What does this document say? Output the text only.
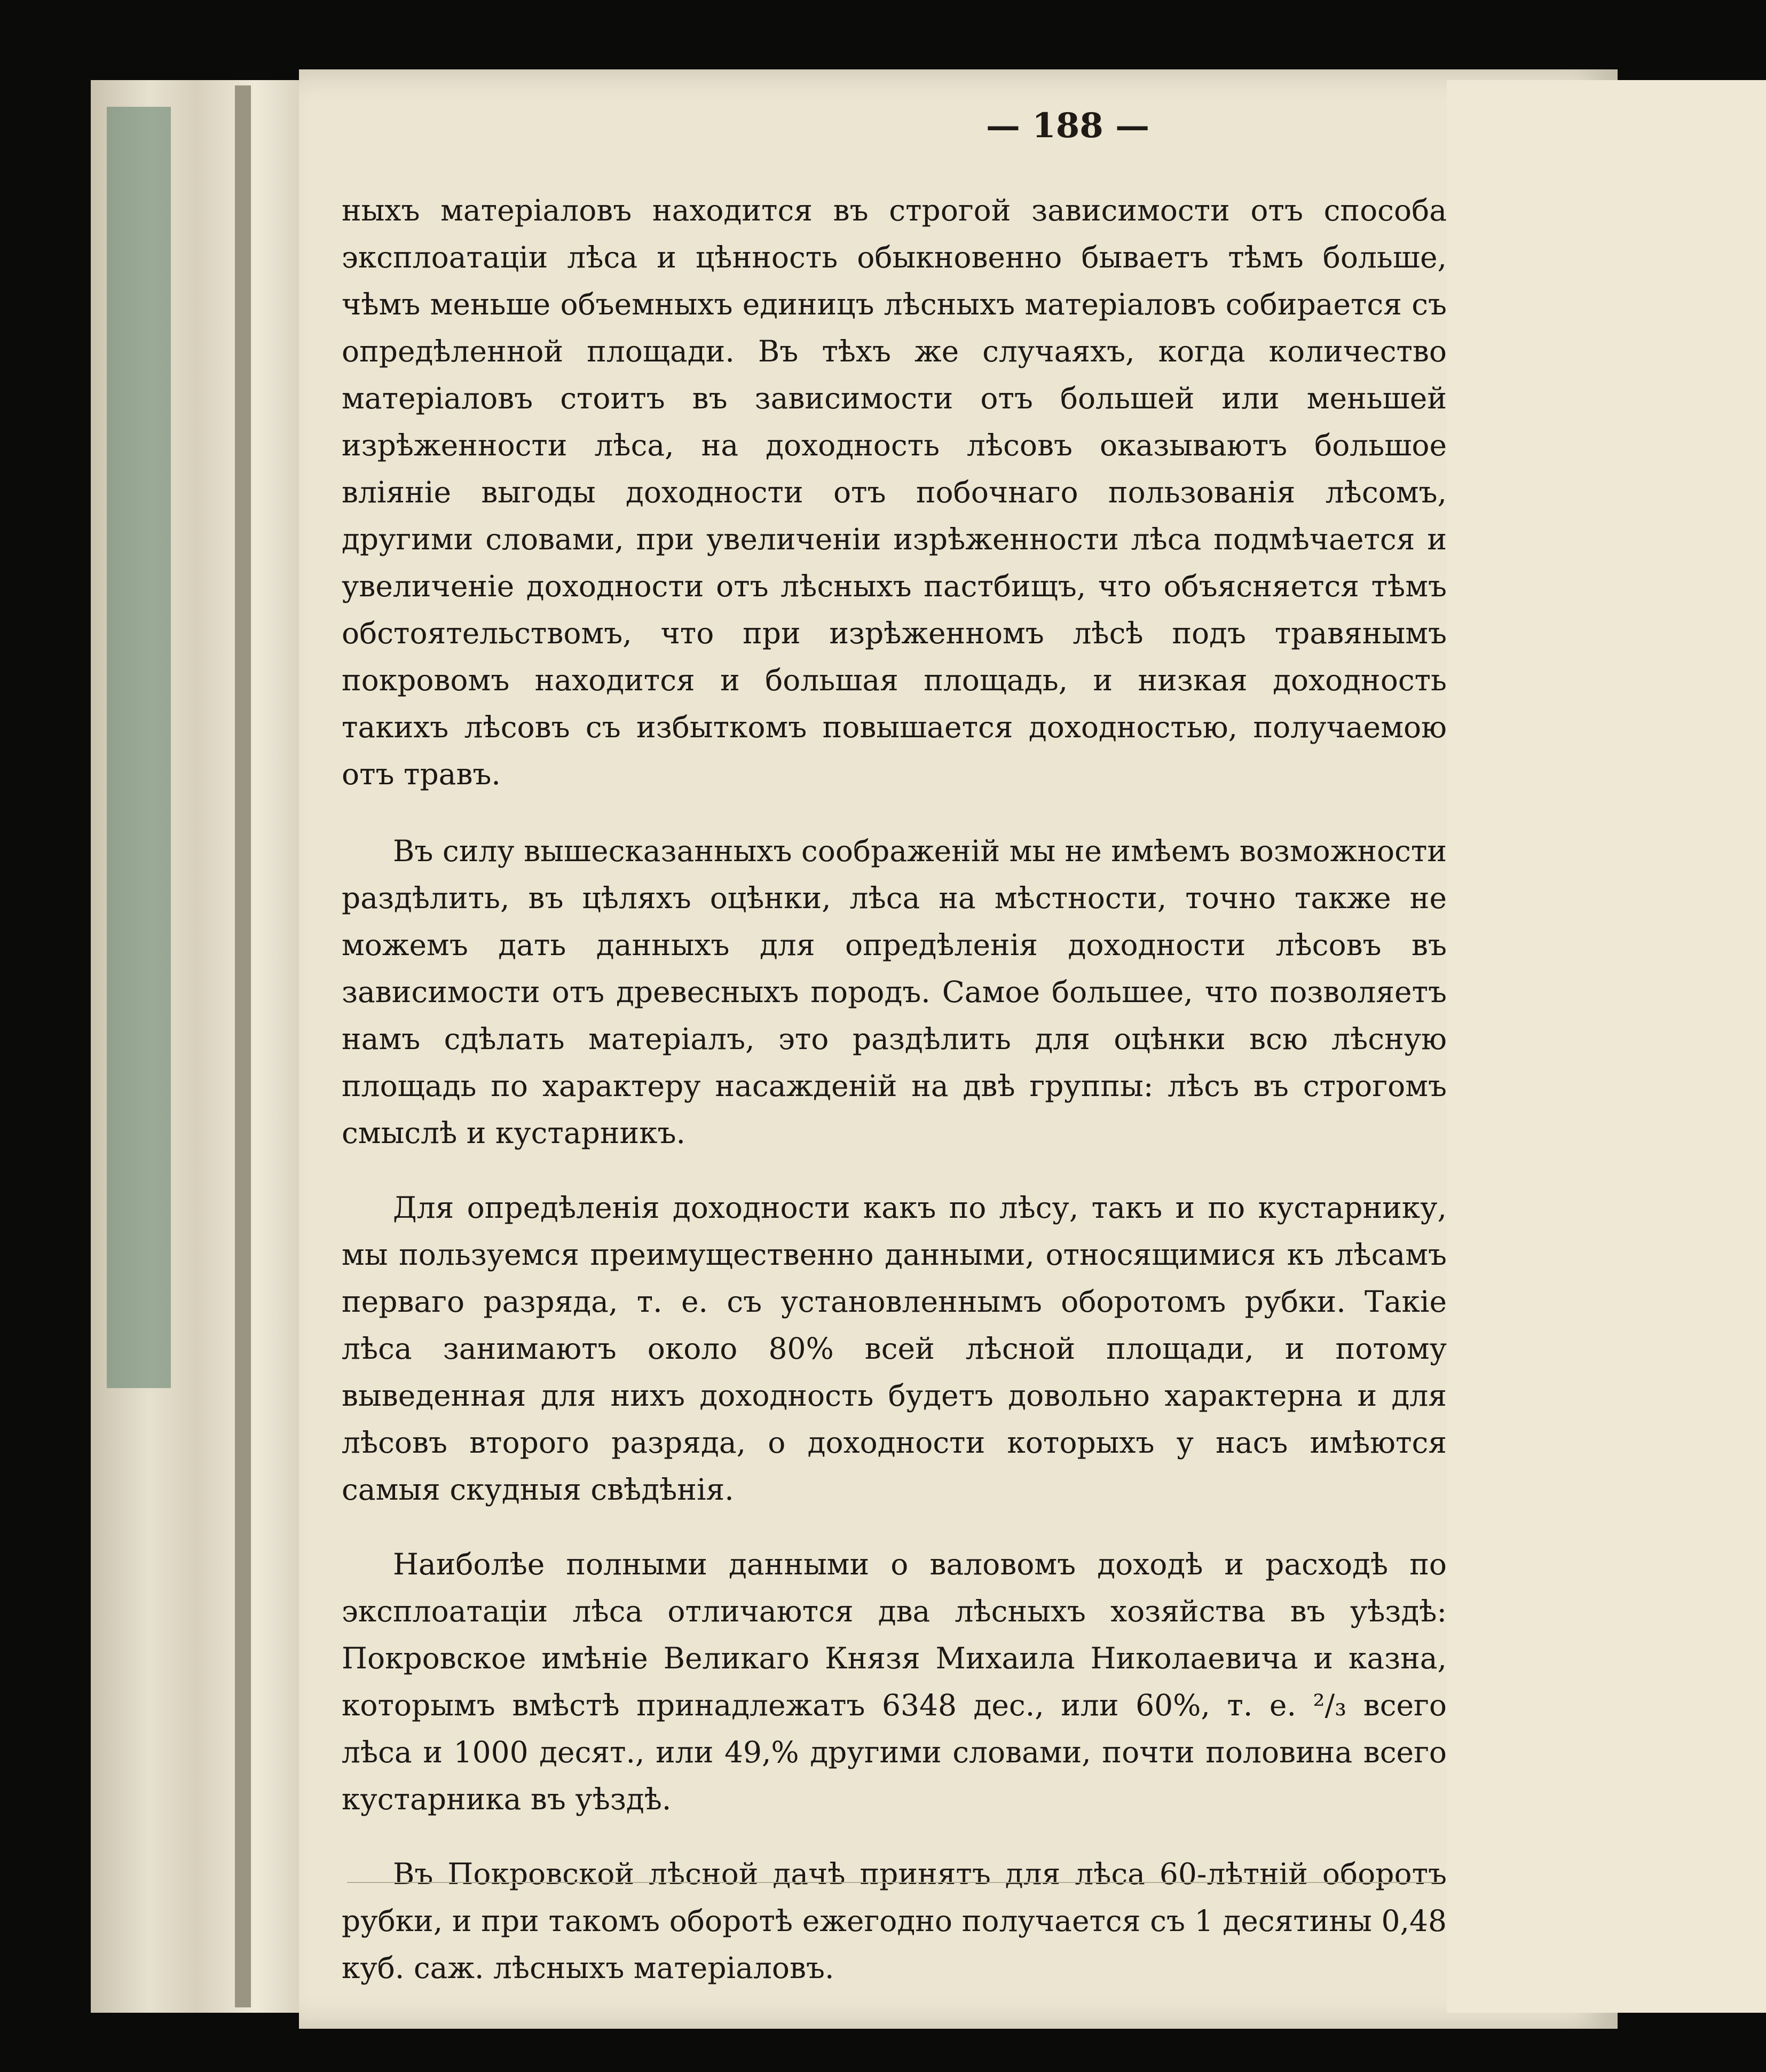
— 188 —

ныхъ матеріаловъ находится въ строгой зависимости отъ способа эксплоатаціи лѣса и цѣнность обыкновенно бываетъ тѣмъ больше, чѣмъ меньше объемныхъ единицъ лѣсныхъ матеріаловъ собирается съ опредѣленной площади. Въ тѣхъ же случаяхъ, когда количество матеріаловъ стоитъ въ зависимости отъ большей или меньшей изрѣженности лѣса, на доходность лѣсовъ оказываютъ большое вліяніе выгоды доходности отъ побочнаго пользованія лѣсомъ, другими словами, при увеличеніи изрѣженности лѣса подмѣчается и увеличеніе доходности отъ лѣсныхъ пастбищъ, что объясняется тѣмъ обстоятельствомъ, что при изрѣженномъ лѣсѣ подъ травянымъ покровомъ находится и большая площадь, и низкая доходность такихъ лѣсовъ съ избыткомъ повышается доходностью, получаемою отъ травъ.

Въ силу вышесказанныхъ соображеній мы не имѣемъ возможности раздѣлить, въ цѣляхъ оцѣнки, лѣса на мѣстности, точно также не можемъ дать данныхъ для опредѣленія доходности лѣсовъ въ зависимости отъ древесныхъ породъ. Самое большее, что позволяетъ намъ сдѣлать матеріалъ, это раздѣлить для оцѣнки всю лѣсную площадь по характеру насажденій на двѣ группы: лѣсъ въ строгомъ смыслѣ и кустарникъ.

Для опредѣленія доходности какъ по лѣсу, такъ и по кустарнику, мы пользуемся преимущественно данными, относящимися къ лѣсамъ перваго разряда, т. е. съ установленнымъ оборотомъ рубки. Такіе лѣса занимаютъ около 80% всей лѣсной площади, и потому выведенная для нихъ доходность будетъ довольно характерна и для лѣсовъ второго разряда, о доходности которыхъ у насъ имѣются самыя скудныя свѣдѣнія.

Наиболѣе полными данными о валовомъ доходѣ и расходѣ по эксплоатаціи лѣса отличаются два лѣсныхъ хозяйства въ уѣздѣ: Покровское имѣніе Великаго Князя Михаила Николаевича и казна, которымъ вмѣстѣ принадлежатъ 6348 дес., или 60%, т. е. ²/₃ всего лѣса и 1000 десят., или 49,% другими словами, почти половина всего кустарника въ уѣздѣ.

Въ Покровской лѣсной дачѣ принятъ для лѣса 60-лѣтній оборотъ рубки, и при такомъ оборотѣ ежегодно получается съ 1 десятины 0,48 куб. саж. лѣсныхъ матеріаловъ.
